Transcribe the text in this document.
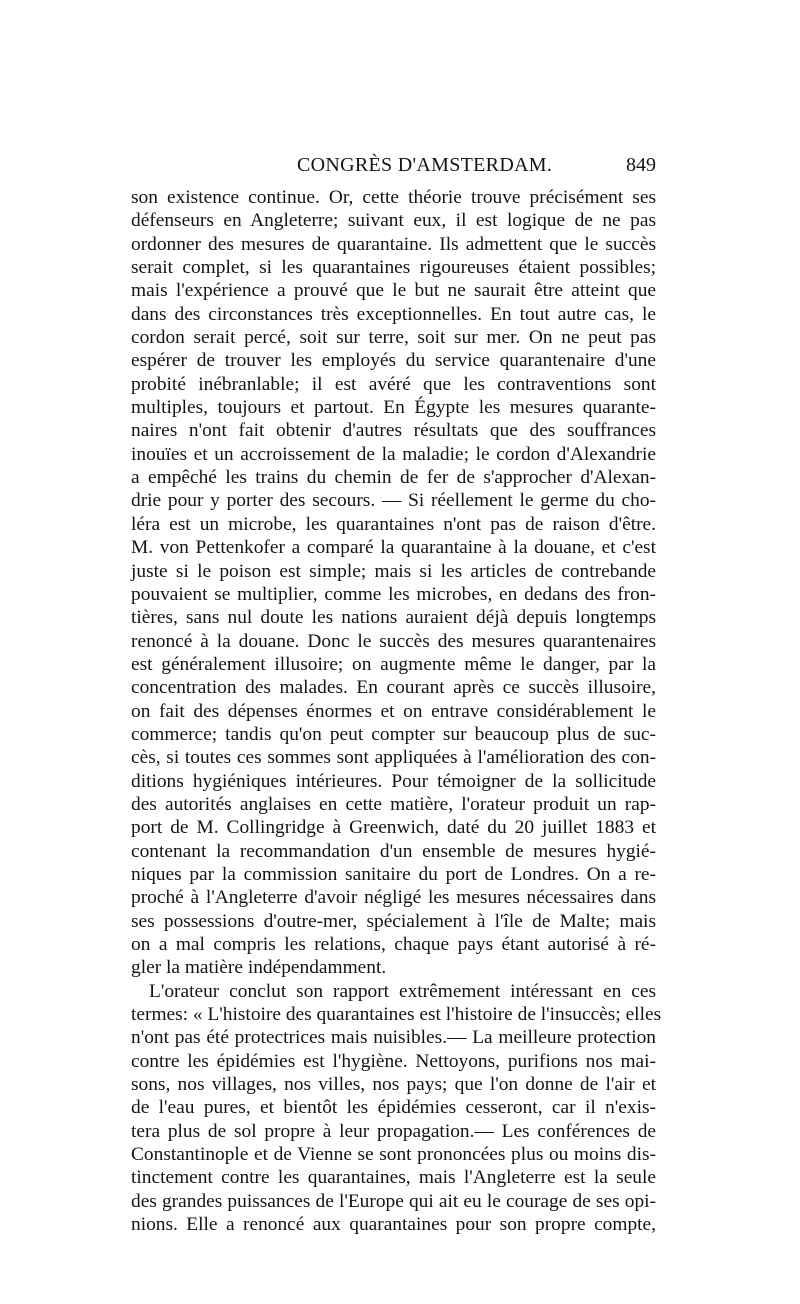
CONGRÈS D'AMSTERDAM.	849
son existence continue. Or, cette théorie trouve précisément ses
défenseurs en Angleterre; suivant eux, il est logique de ne pas
ordonner des mesures de quarantaine. Ils admettent que le succès
serait complet, si les quarantaines rigoureuses étaient possibles;
mais l'expérience a prouvé que le but ne saurait être atteint que
dans des circonstances très exceptionnelles. En tout autre cas, le
cordon serait percé, soit sur terre, soit sur mer. On ne peut pas
espérer de trouver les employés du service quarantenaire d'une
probité inébranlable; il est avéré que les contraventions sont
multiples, toujours et partout. En Égypte les mesures quarante-
naires n'ont fait obtenir d'autres résultats que des souffrances
inouïes et un accroissement de la maladie; le cordon d'Alexandrie
a empêché les trains du chemin de fer de s'approcher d'Alexan-
drie pour y porter des secours. — Si réellement le germe du cho-
léra est un microbe, les quarantaines n'ont pas de raison d'être.
M. von Pettenkofer a comparé la quarantaine à la douane, et c'est
juste si le poison est simple; mais si les articles de contrebande
pouvaient se multiplier, comme les microbes, en dedans des fron-
tières, sans nul doute les nations auraient déjà depuis longtemps
renoncé à la douane. Donc le succès des mesures quarantenaires
est généralement illusoire; on augmente même le danger, par la
concentration des malades. En courant après ce succès illusoire,
on fait des dépenses énormes et on entrave considérablement le
commerce; tandis qu'on peut compter sur beaucoup plus de suc-
cès, si toutes ces sommes sont appliquées à l'amélioration des con-
ditions hygiéniques intérieures. Pour témoigner de la sollicitude
des autorités anglaises en cette matière, l'orateur produit un rap-
port de M. Collingridge à Greenwich, daté du 20 juillet 1883 et
contenant la recommandation d'un ensemble de mesures hygié-
niques par la commission sanitaire du port de Londres. On a re-
proché à l'Angleterre d'avoir négligé les mesures nécessaires dans
ses possessions d'outre-mer, spécialement à l'île de Malte; mais
on a mal compris les relations, chaque pays étant autorisé à ré-
gler la matière indépendamment.
L'orateur conclut son rapport extrêmement intéressant en ces
termes: « L'histoire des quarantaines est l'histoire de l'insuccès; elles
n'ont pas été protectrices mais nuisibles.— La meilleure protection
contre les épidémies est l'hygiène. Nettoyons, purifions nos mai-
sons, nos villages, nos villes, nos pays; que l'on donne de l'air et
de l'eau pures, et bientôt les épidémies cesseront, car il n'exis-
tera plus de sol propre à leur propagation.— Les conférences de
Constantinople et de Vienne se sont prononcées plus ou moins dis-
tinctement contre les quarantaines, mais l'Angleterre est la seule
des grandes puissances de l'Europe qui ait eu le courage de ses opi-
nions. Elle a renoncé aux quarantaines pour son propre compte,
